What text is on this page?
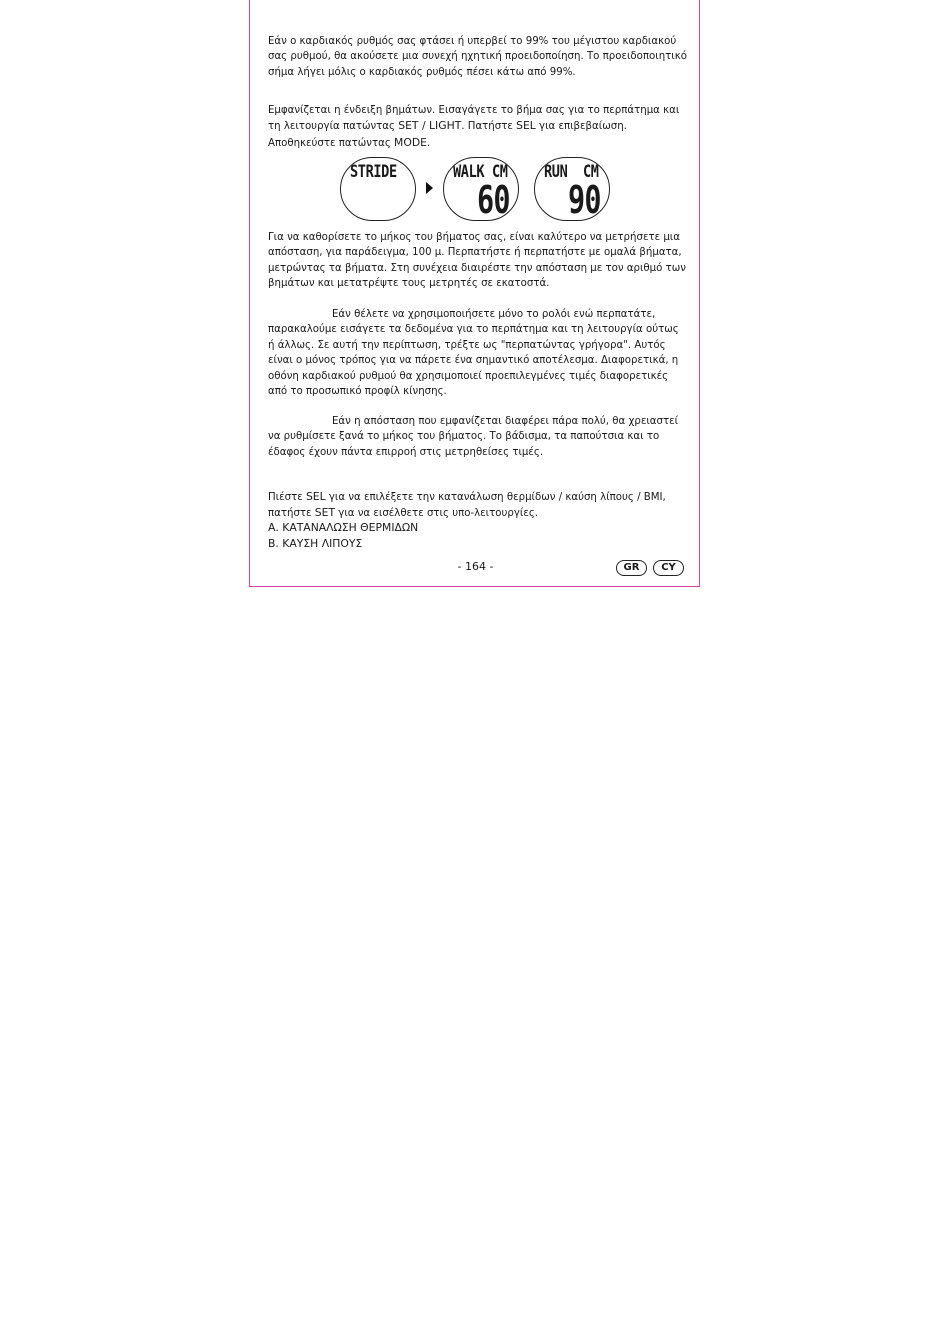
Εάν ο καρδιακός ρυθμός σας φτάσει ή υπερβεί το 99% του μέγιστου καρδιακού σας ρυθμού, θα ακούσετε μια συνεχή ηχητική προειδοποίηση. Το προειδοποιητικό σήμα λήγει μόλις ο καρδιακός ρυθμός πέσει κάτω από 99%.

Εμφανίζεται η ένδειξη βημάτων. Εισαγάγετε το βήμα σας για το περπάτημα και τη λειτουργία πατώντας SET / LIGHT. Πατήστε SEL για επιβεβαίωση. Αποθηκεύστε πατώντας MODE.

STRIDE	WALK CM
60
RUN  CM
90

Για να καθορίσετε το μήκος του βήματος σας, είναι καλύτερο να μετρήσετε μια απόσταση, για παράδειγμα, 100 μ. Περπατήστε ή περπατήστε με ομαλά βήματα, μετρώντας τα βήματα. Στη συνέχεια διαιρέστε την απόσταση με τον αριθμό των βημάτων και μετατρέψτε τους μετρητές σε εκατοστά.

Εάν θέλετε να χρησιμοποιήσετε μόνο το ρολόι ενώ περπατάτε, παρακαλούμε εισάγετε τα δεδομένα για το περπάτημα και τη λειτουργία ούτως ή άλλως. Σε αυτή την περίπτωση, τρέξτε ως "περπατώντας γρήγορα". Αυτός είναι ο μόνος τρόπος για να πάρετε ένα σημαντικό αποτέλεσμα. Διαφορετικά, η οθόνη καρδιακού ρυθμού θα χρησιμοποιεί προεπιλεγμένες τιμές διαφορετικές από το προσωπικό προφίλ κίνησης.

Εάν η απόσταση που εμφανίζεται διαφέρει πάρα πολύ, θα χρειαστεί να ρυθμίσετε ξανά το μήκος του βήματος. Το βάδισμα, τα παπούτσια και το έδαφος έχουν πάντα επιρροή στις μετρηθείσες τιμές.

Πιέστε SEL για να επιλέξετε την κατανάλωση θερμίδων / καύση λίπους / BMI, πατήστε SET για να εισέλθετε στις υπο-λειτουργίες.

Α. ΚΑΤΑΝΑΛΩΣΗ ΘΕΡΜΙΔΩΝ

Β. ΚΑΥΣΗ ΛΙΠΟΥΣ

- 164 -	GR	CY
